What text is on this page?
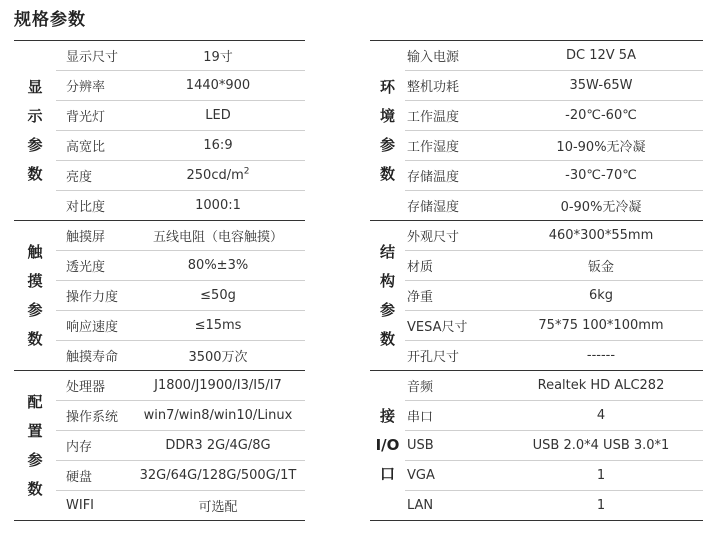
规格参数
显
示
参
数
显示尺寸	19寸
分辨率	1440*900
背光灯	LED
高宽比	16:9
亮度	$250cd/m^2$
对比度	1000:1
触
摸
参
数
触摸屏	五线电阻（电容触摸）
透光度	80%±3%
操作力度	≤50g
响应速度	≤15ms
触摸寿命	3500万次
配
置
参
数
处理器	J1800/J1900/I3/I5/I7
操作系统	win7/win8/win10/Linux
内存	DDR3 2G/4G/8G
硬盘	32G/64G/128G/500G/1T
WIFI	可选配
环
境
参
数
输入电源	DC 12V 5A
整机功耗	35W-65W
工作温度	-20℃-60℃
工作湿度	10-90%无冷凝
存储温度	-30℃-70℃
存储湿度	0-90%无冷凝
结
构
参
数
外观尺寸	460*300*55mm
材质	钣金
净重	6kg
VESA尺寸	75*75 100*100mm
开孔尺寸	------
接
I/O
口
音频	Realtek HD ALC282
串口	4
USB	USB 2.0*4 USB 3.0*1
VGA	1
LAN	1
